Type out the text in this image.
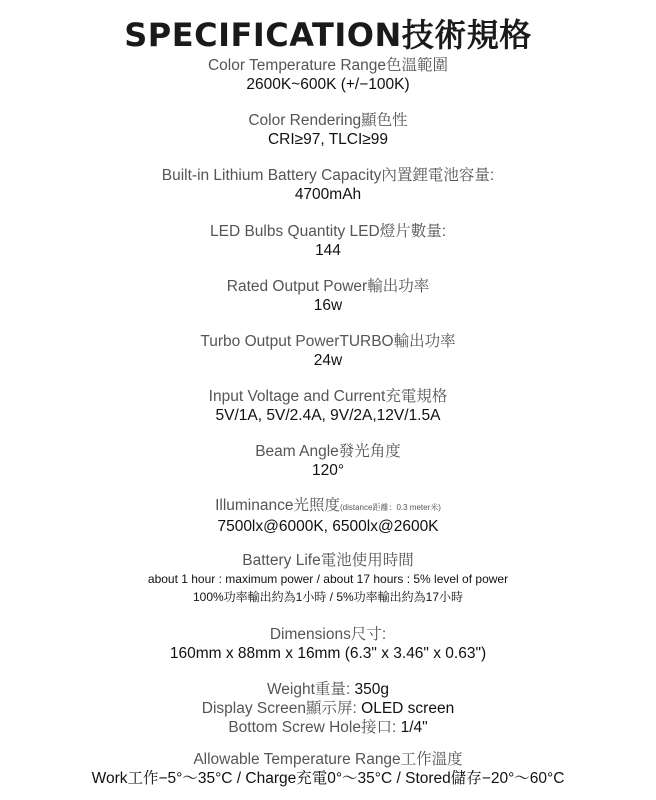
SPECIFICATION技術規格
Color Temperature Range色溫範圍
2600K~600K (+/−100K)
Color Rendering顯色性
CRI≥97, TLCI≥99
Built-in Lithium Battery Capacity內置鋰電池容量:
4700mAh
LED Bulbs Quantity LED燈片數量:
144
Rated Output Power輸出功率
16w
Turbo Output PowerTURBO輸出功率
24w
Input Voltage and Current充電規格
5V/1A, 5V/2.4A, 9V/2A,12V/1.5A
Beam Angle發光角度
120°
Illuminance光照度(distance距離：0.3 meter米)
7500lx@6000K, 6500lx@2600K
Battery Life電池使用時間
about 1 hour : maximum power / about 17 hours : 5% level of power
100%功率輸出約為1小時 / 5%功率輸出約為17小時
Dimensions尺寸:
160mm x 88mm x 16mm (6.3" x 3.46" x 0.63")
Weight重量: 350g
Display Screen顯示屏: OLED screen
Bottom Screw Hole接口: 1/4"
Allowable Temperature Range工作溫度
Work工作−5°～35°C / Charge充電0°～35°C / Stored儲存−20°～60°C
